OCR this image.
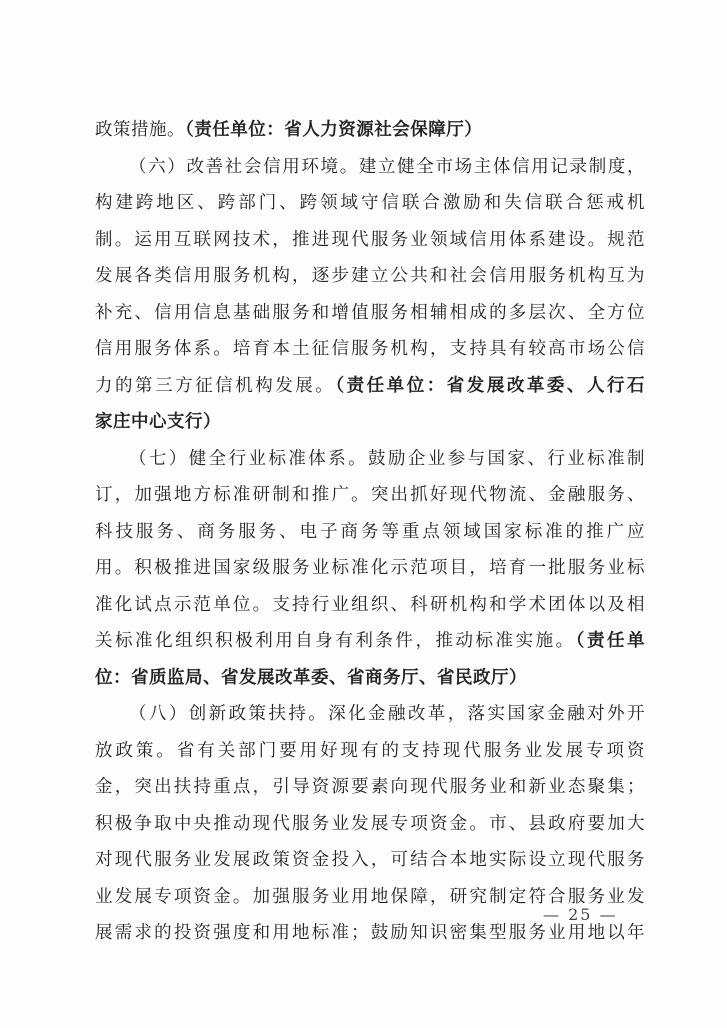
政策措施。（责任单位：省人力资源社会保障厅）
（六）改善社会信用环境。建立健全市场主体信用记录制度，
构建跨地区、跨部门、跨领域守信联合激励和失信联合惩戒机
制。运用互联网技术，推进现代服务业领域信用体系建设。规范
发展各类信用服务机构，逐步建立公共和社会信用服务机构互为
补充、信用信息基础服务和增值服务相辅相成的多层次、全方位
信用服务体系。培育本土征信服务机构，支持具有较高市场公信
力的第三方征信机构发展。（责任单位：省发展改革委、人行石
家庄中心支行）
（七）健全行业标准体系。鼓励企业参与国家、行业标准制
订，加强地方标准研制和推广。突出抓好现代物流、金融服务、
科技服务、商务服务、电子商务等重点领域国家标准的推广应
用。积极推进国家级服务业标准化示范项目，培育一批服务业标
准化试点示范单位。支持行业组织、科研机构和学术团体以及相
关标准化组织积极利用自身有利条件，推动标准实施。（责任单
位：省质监局、省发展改革委、省商务厅、省民政厅）
（八）创新政策扶持。深化金融改革，落实国家金融对外开
放政策。省有关部门要用好现有的支持现代服务业发展专项资
金，突出扶持重点，引导资源要素向现代服务业和新业态聚集；
积极争取中央推动现代服务业发展专项资金。市、县政府要加大
对现代服务业发展政策资金投入，可结合本地实际设立现代服务
业发展专项资金。加强服务业用地保障，研究制定符合服务业发
展需求的投资强度和用地标准；鼓励知识密集型服务业用地以年
— 25 —
